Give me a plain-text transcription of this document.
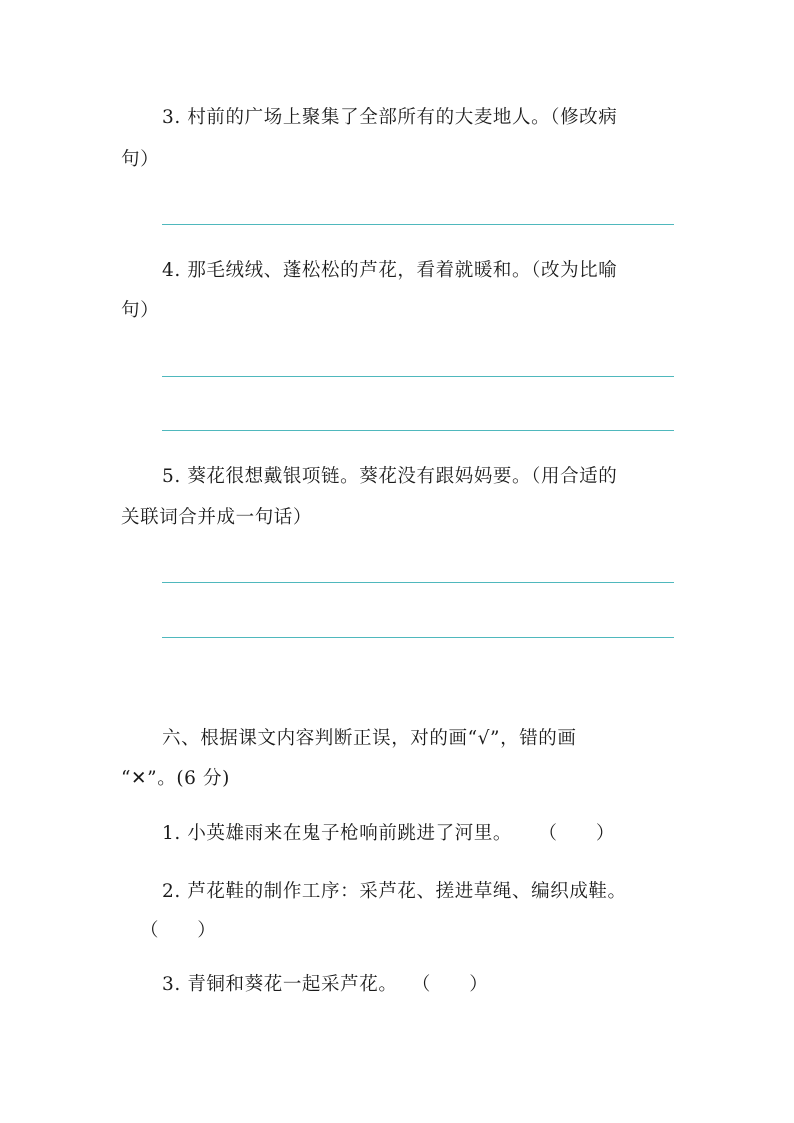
3. 村前的广场上聚集了全部所有的大麦地人。（修改病
句）
4. 那毛绒绒、蓬松松的芦花，看着就暖和。（改为比喻
句）
5. 葵花很想戴银项链。葵花没有跟妈妈要。（用合适的
关联词合并成一句话）
六、根据课文内容判断正误，对的画“√”，错的画
“✕”。(6 分)
1. 小英雄雨来在鬼子枪响前跳进了河里。 （　　）
2. 芦花鞋的制作工序：采芦花、搓进草绳、编织成鞋。
（　　）
3. 青铜和葵花一起采芦花。 （　　）
